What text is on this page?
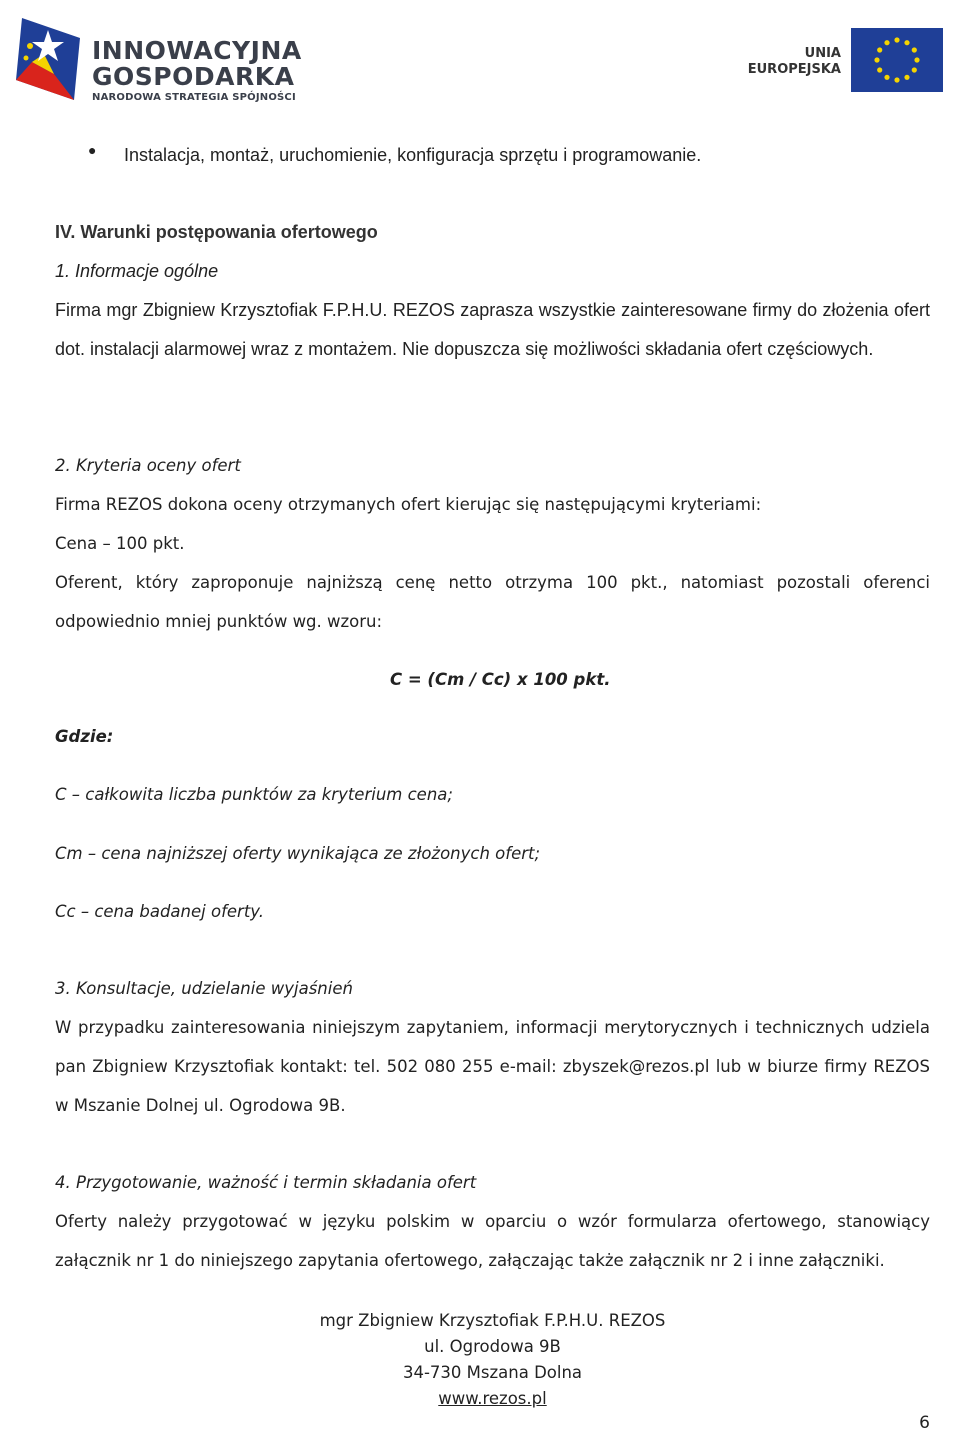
INNOWACYJNA
GOSPODARKA
NARODOWA STRATEGIA SPÓJNOŚCI
UNIA
EUROPEJSKA
● Instalacja, montaż, uruchomienie, konfiguracja sprzętu i programowanie.
IV. Warunki postępowania ofertowego
1. Informacje ogólne

Firma mgr Zbigniew Krzysztofiak F.P.H.U. REZOS zaprasza wszystkie zainteresowane firmy do złożenia ofert dot. instalacji alarmowej wraz z montażem. Nie dopuszcza się możliwości składania ofert częściowych.

2. Kryteria oceny ofert
Firma REZOS dokona oceny otrzymanych ofert kierując się następującymi kryteriami:
Cena – 100 pkt.

Oferent, który zaproponuje najniższą cenę netto otrzyma 100 pkt., natomiast pozostali oferenci odpowiednio mniej punktów wg. wzoru:

C = (Cm / Cc) x 100 pkt.
Gdzie:
C – całkowita liczba punktów za kryterium cena;
Cm – cena najniższej oferty wynikająca ze złożonych ofert;
Cc – cena badanej oferty.
3. Konsultacje, udzielanie wyjaśnień

W przypadku zainteresowania niniejszym zapytaniem, informacji merytorycznych i technicznych udziela pan Zbigniew Krzysztofiak kontakt: tel. 502 080 255 e-mail: zbyszek@rezos.pl lub w biurze firmy REZOS w Mszanie Dolnej ul. Ogrodowa 9B.

4. Przygotowanie, ważność i termin składania ofert

Oferty należy przygotować w języku polskim w oparciu o wzór formularza ofertowego, stanowiący załącznik nr 1 do niniejszego zapytania ofertowego, załączając także załącznik nr 2 i inne załączniki.

mgr Zbigniew Krzysztofiak F.P.H.U. REZOS
ul. Ogrodowa 9B
34-730 Mszana Dolna
www.rezos.pl
6
